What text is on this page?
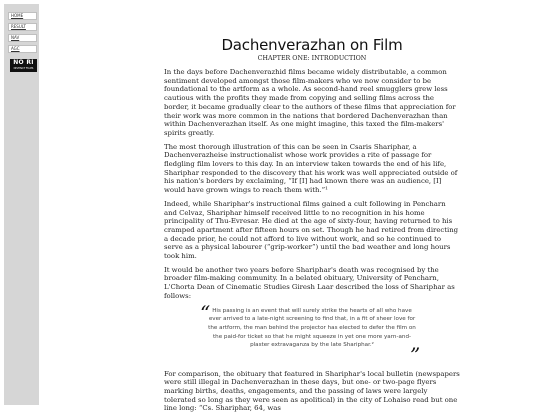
HOME
RESULT
NAV
AGC
NO RI
DISTINCT FILMS
Dachenverazhan on Film
CHAPTER ONE: INTRODUCTION

In the days before Dachenverazhid films became widely distributable, a common sentiment developed amongst those film-makers who we now consider to be foundational to the artform as a whole. As second-hand reel smugglers grew less cautious with the profits they made from copying and selling films across the border, it became gradually clear to the authors of these films that appreciation for their work was more common in the nations that bordered Dachenverazhan than within Dachenverazhan itself. As one might imagine, this taxed the film-makers' spirits greatly.

The most thorough illustration of this can be seen in Csaris Shariphar, a Dachenverazheise instructionalist whose work provides a rite of passage for fledgling film lovers to this day. In an interview taken towards the end of his life, Shariphar responded to the discovery that his work was well appreciated outside of his nation's borders by exclaiming, “If [I] had known there was an audience, [I] would have grown wings to reach them with.”¹

Indeed, while Shariphar's instructional films gained a cult following in Pencharn and Celvaz, Shariphar himself received little to no recognition in his home principality of Thu-Evresar. He died at the age of sixty-four, having returned to his cramped apartment after fifteen hours on set. Though he had retired from directing a decade prior, he could not afford to live without work, and so he continued to serve as a physical labourer (“grip-worker”) until the bad weather and long hours took him.

It would be another two years before Shariphar's death was recognised by the broader film-making community. In a belated obituary, University of Pencharn, L'Chorta Dean of Cinematic Studies Giresh Laar described the loss of Shariphar as follows:

“ His passing is an event that will surely strike the hearts of all who have ever arrived to a late-night screening to find that, in a fit of sheer love for the artform, the man behind the projector has elected to defer the film on the paid-for ticket so that he might squeeze in yet one more yarn-and-plaster extravaganza by the late Shariphar.²	”

For comparison, the obituary that featured in Shariphar's local bulletin (newspapers were still illegal in Dachenverazhan in these days, but one- or two-page flyers marking births, deaths, engagements, and the passing of laws were largely tolerated so long as they were seen as apolitical) in the city of Lohaiso read but one line long: “Cs. Shariphar, 64, was
